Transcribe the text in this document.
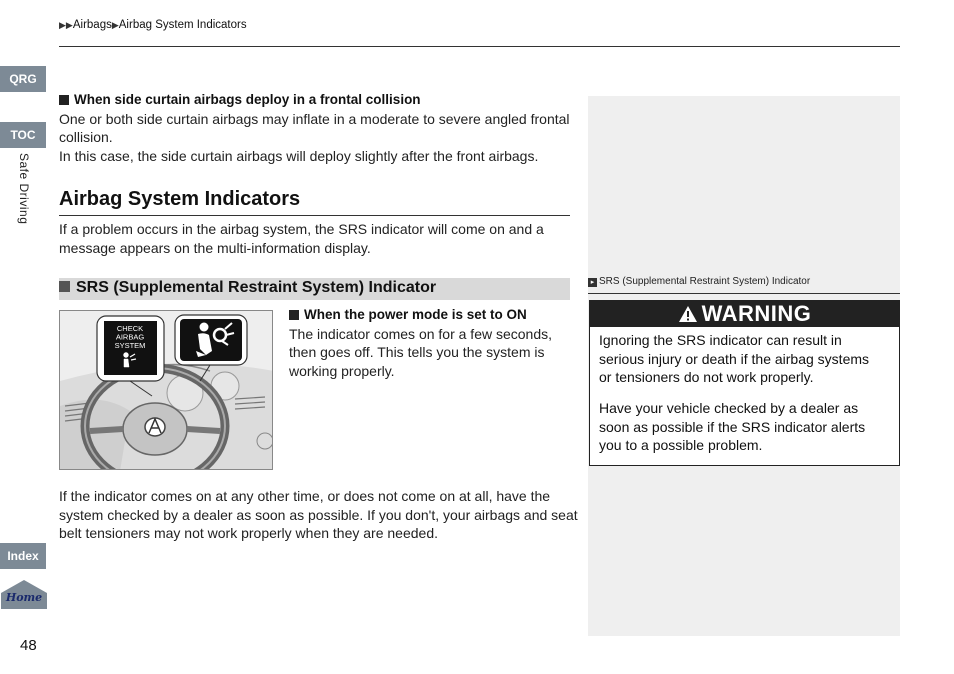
▶▶Airbags▶Airbag System Indicators
QRG
TOC
Safe Driving
Index
Home
48
When side curtain airbags deploy in a frontal collision
One or both side curtain airbags may inflate in a moderate to severe angled frontal
collision.
In this case, the side curtain airbags will deploy slightly after the front airbags.
Airbag System Indicators
If a problem occurs in the airbag system, the SRS indicator will come on and a
message appears on the multi-information display.
SRS (Supplemental Restraint System) Indicator
CHECK
AIRBAG
SYSTEM
When the power mode is set to ON
The indicator comes on for a few seconds,
then goes off. This tells you the system is
working properly.
If the indicator comes on at any other time, or does not come on at all, have the
system checked by a dealer as soon as possible. If you don't, your airbags and seat
belt tensioners may not work properly when they are needed.
▸ SRS (Supplemental Restraint System) Indicator
WARNING
Ignoring the SRS indicator can result in
serious injury or death if the airbag systems
or tensioners do not work properly.
Have your vehicle checked by a dealer as
soon as possible if the SRS indicator alerts
you to a possible problem.
